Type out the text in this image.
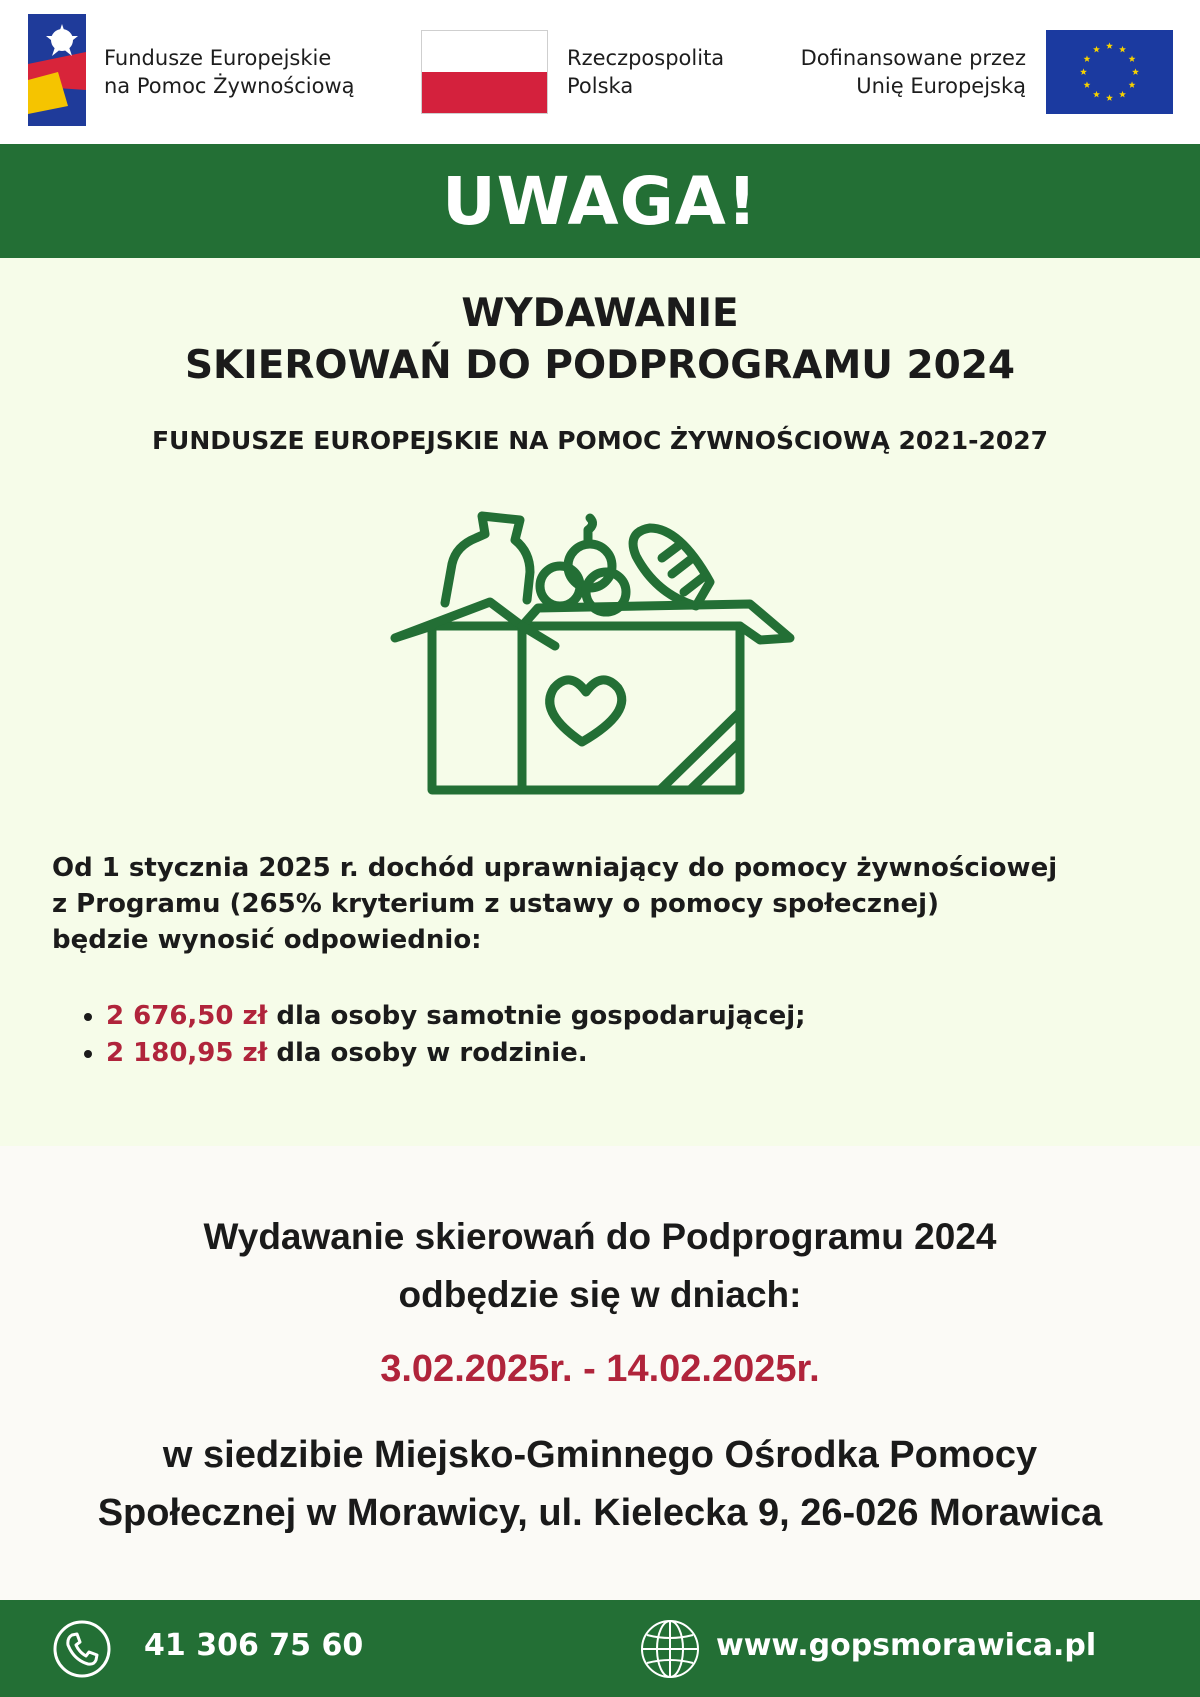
Fundusze Europejskie
na Pomoc Żywnościową
Rzeczpospolita
Polska
Dofinansowane przez
Unię Europejską
UWAGA!
WYDAWANIE
SKIEROWAŃ DO PODPROGRAMU 2024
FUNDUSZE EUROPEJSKIE NA POMOC ŻYWNOŚCIOWĄ 2021-2027
Od 1 stycznia 2025 r. dochód uprawniający do pomocy żywnościowej
z Programu (265% kryterium z ustawy o pomocy społecznej)
będzie wynosić odpowiednio:
• 2 676,50 zł dla osoby samotnie gospodarującej;
• 2 180,95 zł dla osoby w rodzinie.
Wydawanie skierowań do Podprogramu 2024
odbędzie się w dniach:
3.02.2025r. - 14.02.2025r.
w siedzibie Miejsko-Gminnego Ośrodka Pomocy
Społecznej w Morawicy, ul. Kielecka 9, 26-026 Morawica
41 306 75 60	www.gopsmorawica.pl
